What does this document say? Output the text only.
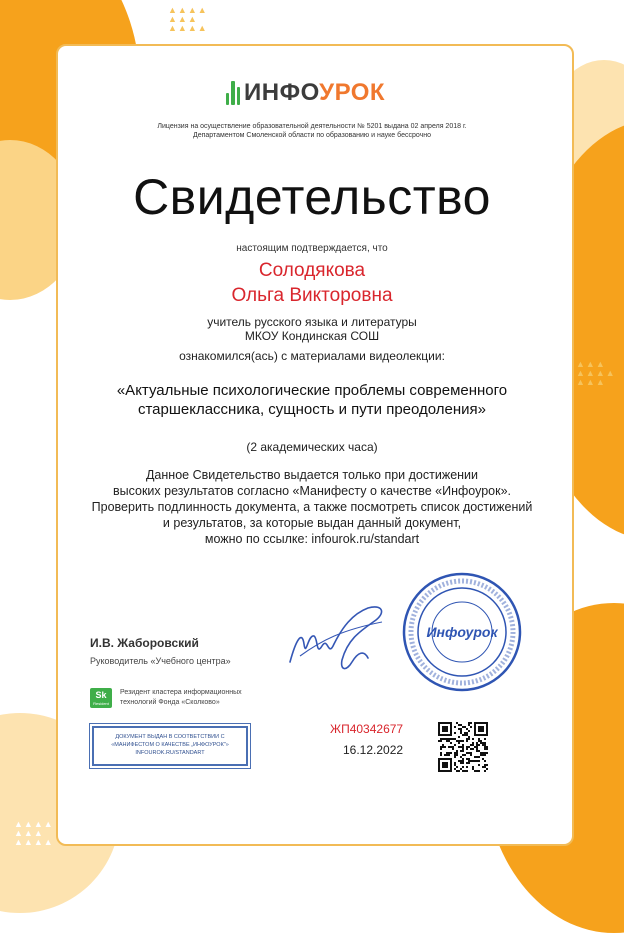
▲▲▲▲
▲▲▲
▲▲▲▲
▲▲▲▲
▲▲▲
▲▲▲▲
▲▲▲
▲▲▲▲
▲▲▲
▲▲▲▲
▲▲▲
▲▲▲▲
ИНФОУРОК
Лицензия на осуществление образовательной деятельности № 5201 выдана 02 апреля 2018 г.
Департаментом Смоленской области по образованию и науке бессрочно
Свидетельство
настоящим подтверждается, что
Солодякова
Ольга Викторовна
учитель русского языка и литературы
МКОУ Кондинская СОШ
ознакомился(ась) с материалами видеолекции:
«Актуальные психологические проблемы современного
старшеклассника, сущность и пути преодоления»
(2 академических часа)
Данное Свидетельство выдается только при достижении
высоких результатов согласно «Манифесту о качестве «Инфоурок».
Проверить подлинность документа, а также посмотреть список достижений
и результатов, за которые выдан данный документ,
можно по ссылке: infourok.ru/standart
И.В. Жаборовский
Руководитель «Учебного центра»
Инфоурок
Sk
Resident
Резидент кластера информационных
технологий Фонда «Сколково»
ДОКУМЕНТ ВЫДАН В СООТВЕТСТВИИ С
«МАНИФЕСТОМ О КАЧЕСТВЕ „ИНФОУРОК"»
INFOUROK.RU/STANDART
ЖП40342677
16.12.2022
